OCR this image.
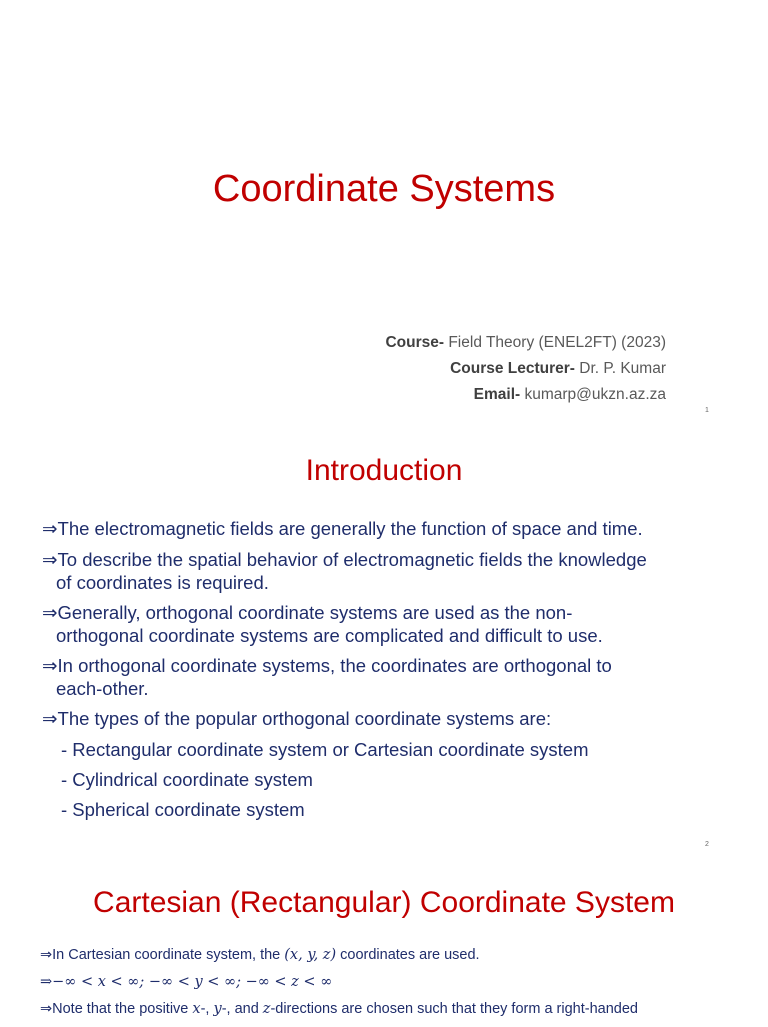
Coordinate Systems
Course- Field Theory (ENEL2FT) (2023)
Course Lecturer- Dr. P. Kumar
Email- kumarp@ukzn.az.za
1
Introduction
⇒The electromagnetic fields are generally the function of space and time.
⇒To describe the spatial behavior of electromagnetic fields the knowledge
of coordinates is required.
⇒Generally, orthogonal coordinate systems are used as the non-
orthogonal coordinate systems are complicated and difficult to use.
⇒In orthogonal coordinate systems, the coordinates are orthogonal to
each-other.
⇒The types of the popular orthogonal coordinate systems are:
- Rectangular coordinate system or Cartesian coordinate system
- Cylindrical coordinate system
- Spherical coordinate system
2
Cartesian (Rectangular) Coordinate System
⇒In Cartesian coordinate system, the (x, y, z) coordinates are used.
⇒−∞ < x < ∞; −∞ < y < ∞; −∞ < z < ∞
⇒Note that the positive x-, y-, and z-directions are chosen such that they form a right-handed
